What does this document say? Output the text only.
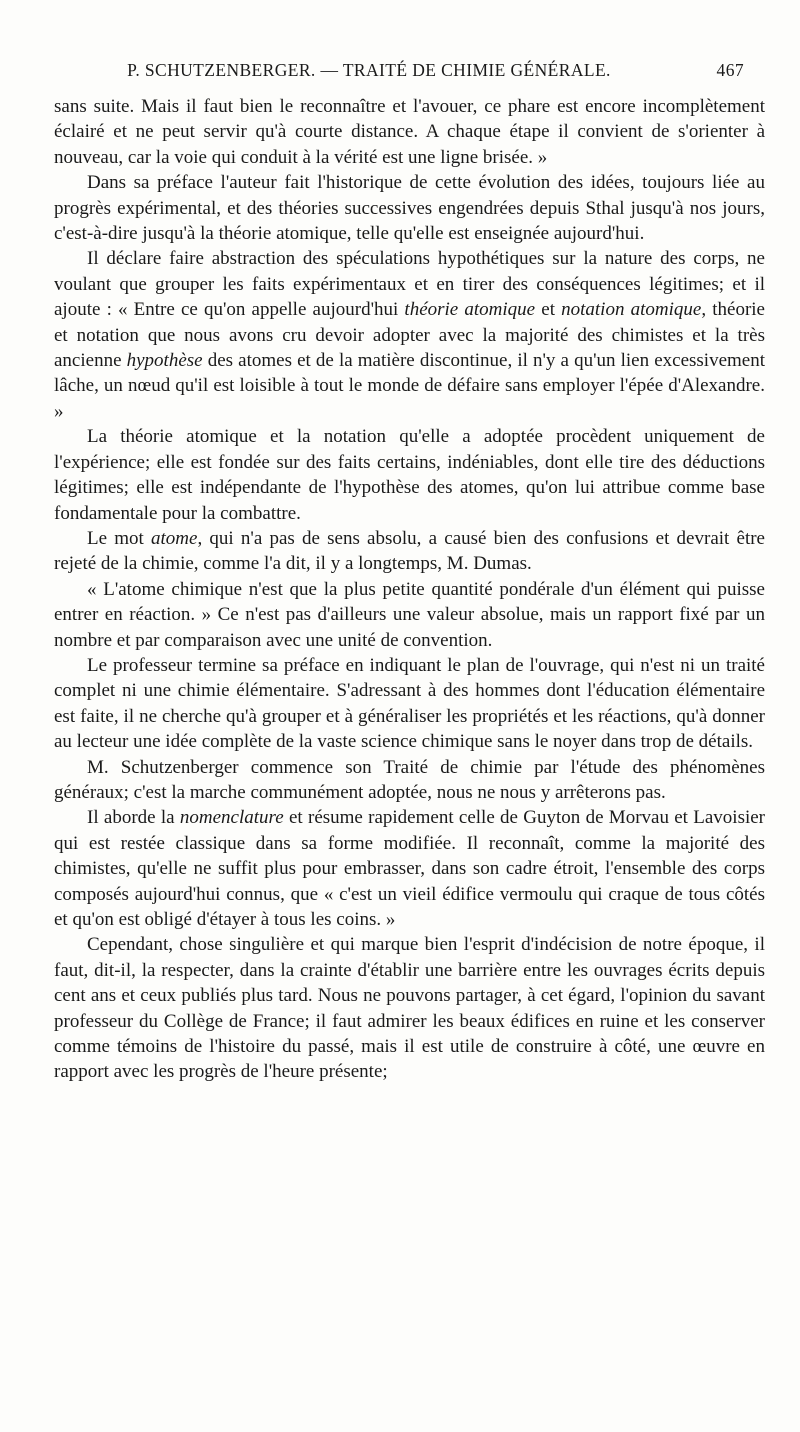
P. SCHUTZENBERGER. — TRAITÉ DE CHIMIE GÉNÉRALE.	467

sans suite. Mais il faut bien le reconnaître et l'avouer, ce phare est encore incomplètement éclairé et ne peut servir qu'à courte distance. A chaque étape il convient de s'orienter à nouveau, car la voie qui conduit à la vérité est une ligne brisée. »

Dans sa préface l'auteur fait l'historique de cette évolution des idées, toujours liée au progrès expérimental, et des théories successives engendrées depuis Sthal jusqu'à nos jours, c'est-à-dire jusqu'à la théorie atomique, telle qu'elle est enseignée aujourd'hui.

Il déclare faire abstraction des spéculations hypothétiques sur la nature des corps, ne voulant que grouper les faits expérimentaux et en tirer des conséquences légitimes; et il ajoute : « Entre ce qu'on appelle aujourd'hui théorie atomique et notation atomique, théorie et notation que nous avons cru devoir adopter avec la majorité des chimistes et la très ancienne hypothèse des atomes et de la matière discontinue, il n'y a qu'un lien excessivement lâche, un nœud qu'il est loisible à tout le monde de défaire sans employer l'épée d'Alexandre. »

La théorie atomique et la notation qu'elle a adoptée procèdent uniquement de l'expérience; elle est fondée sur des faits certains, indéniables, dont elle tire des déductions légitimes; elle est indépendante de l'hypothèse des atomes, qu'on lui attribue comme base fondamentale pour la combattre.

Le mot atome, qui n'a pas de sens absolu, a causé bien des confusions et devrait être rejeté de la chimie, comme l'a dit, il y a longtemps, M. Dumas.

« L'atome chimique n'est que la plus petite quantité pondérale d'un élément qui puisse entrer en réaction. » Ce n'est pas d'ailleurs une valeur absolue, mais un rapport fixé par un nombre et par comparaison avec une unité de convention.

Le professeur termine sa préface en indiquant le plan de l'ouvrage, qui n'est ni un traité complet ni une chimie élémentaire. S'adressant à des hommes dont l'éducation élémentaire est faite, il ne cherche qu'à grouper et à généraliser les propriétés et les réactions, qu'à donner au lecteur une idée complète de la vaste science chimique sans le noyer dans trop de détails.

M. Schutzenberger commence son Traité de chimie par l'étude des phénomènes généraux; c'est la marche communément adoptée, nous ne nous y arrêterons pas.

Il aborde la nomenclature et résume rapidement celle de Guyton de Morvau et Lavoisier qui est restée classique dans sa forme modifiée. Il reconnaît, comme la majorité des chimistes, qu'elle ne suffit plus pour embrasser, dans son cadre étroit, l'ensemble des corps composés aujourd'hui connus, que « c'est un vieil édifice vermoulu qui craque de tous côtés et qu'on est obligé d'étayer à tous les coins. »

Cependant, chose singulière et qui marque bien l'esprit d'indécision de notre époque, il faut, dit-il, la respecter, dans la crainte d'établir une barrière entre les ouvrages écrits depuis cent ans et ceux publiés plus tard. Nous ne pouvons partager, à cet égard, l'opinion du savant professeur du Collège de France; il faut admirer les beaux édifices en ruine et les conserver comme témoins de l'histoire du passé, mais il est utile de construire à côté, une œuvre en rapport avec les progrès de l'heure présente;
